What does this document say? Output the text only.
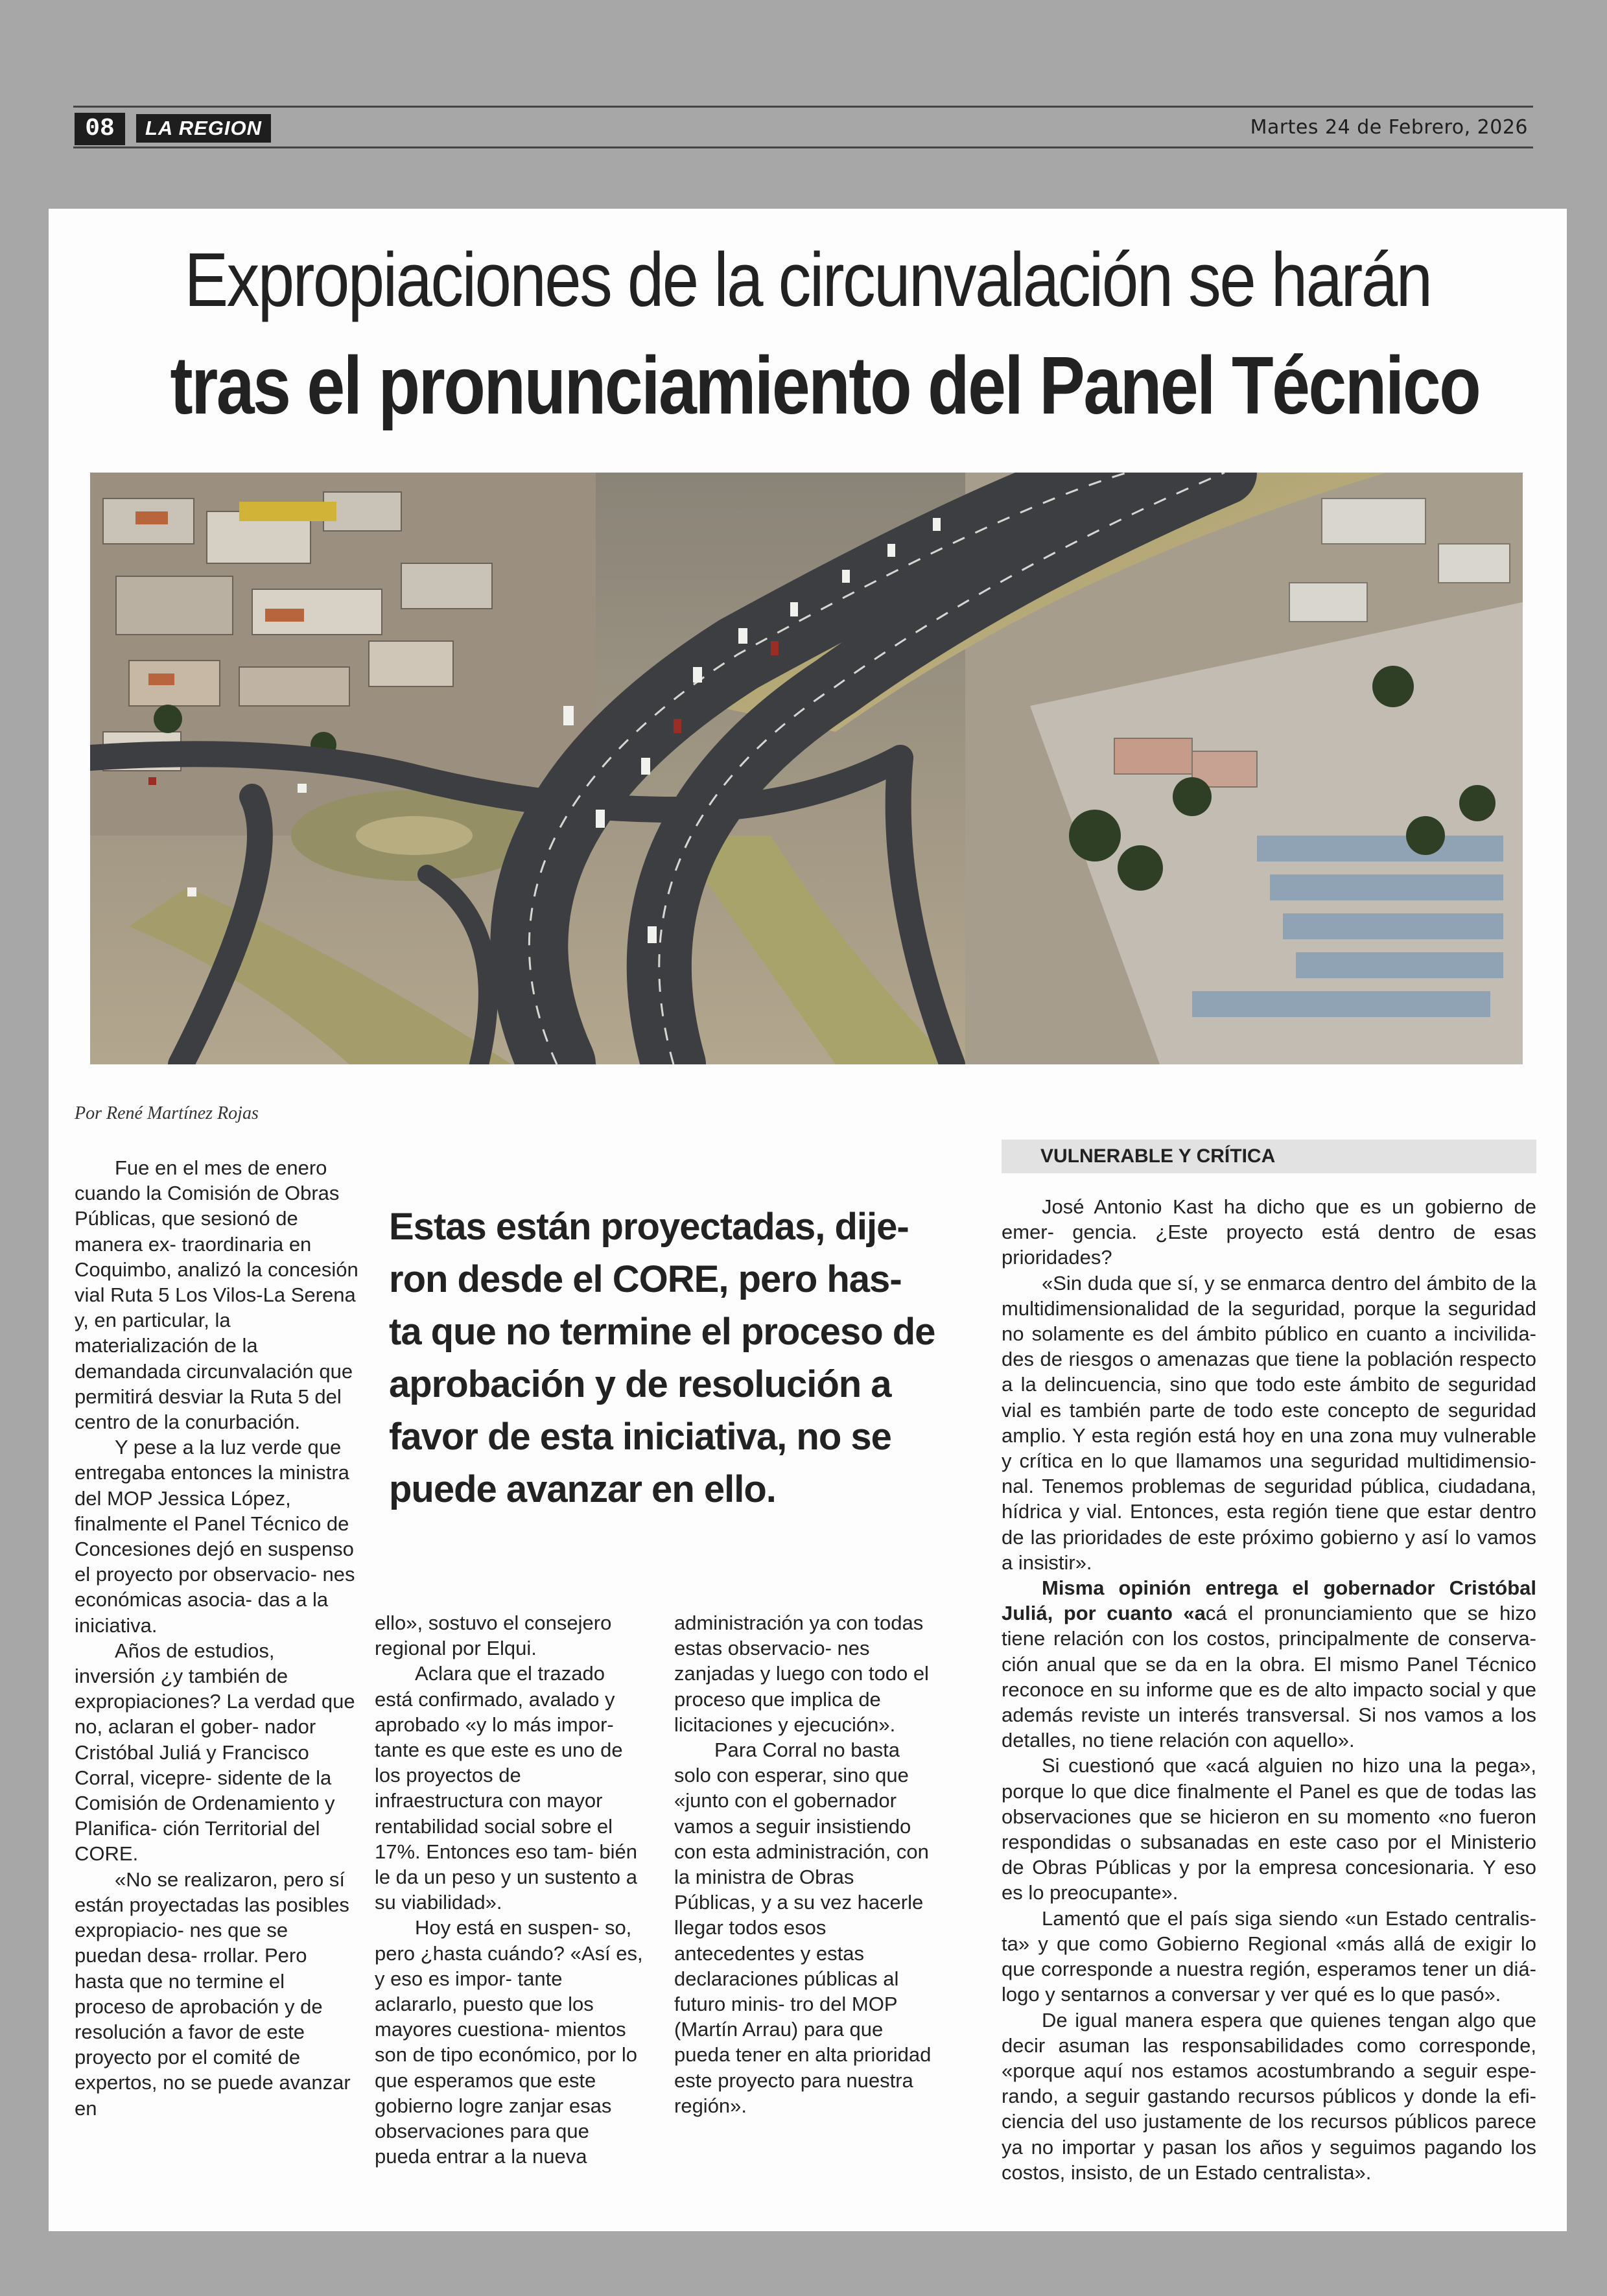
08	LA REGION	Martes 24 de Febrero, 2026
Expropiaciones de la circunvalación se harán
tras el pronunciamiento del Panel Técnico
Por René Martínez Rojas

Fue en el mes de enero cuando la Comisión de Obras Públicas, que sesionó de manera ex- traordinaria en Coquimbo, analizó la concesión vial Ruta 5 Los Vilos-La Serena y, en particular, la materialización de la demandada circunvalación que permitirá desviar la Ruta 5 del centro de la conurbación.

Y pese a la luz verde que entregaba entonces la ministra del MOP Jessica López, finalmente el Panel Técnico de Concesiones dejó en suspenso el proyecto por observacio- nes económicas asocia- das a la iniciativa.

Años de estudios, inversión ¿y también de expropiaciones? La verdad que no, aclaran el gober- nador Cristóbal Juliá y Francisco Corral, vicepre- sidente de la Comisión de Ordenamiento y Planifica- ción Territorial del CORE.

«No se realizaron, pero sí están proyectadas las posibles expropiacio- nes que se puedan desa- rrollar. Pero hasta que no termine el proceso de aprobación y de resolución a favor de este proyecto por el comité de expertos, no se puede avanzar en

Estas están proyectadas, dije- ron desde el CORE, pero has- ta que no termine el proceso de aprobación y de resolución a favor de esta iniciativa, no se puede avanzar en ello.

ello», sostuvo el consejero regional por Elqui.

Aclara que el trazado está confirmado, avalado y aprobado «y lo más impor- tante es que este es uno de los proyectos de infraestructura con mayor rentabilidad social sobre el 17%. Entonces eso tam- bién le da un peso y un sustento a su viabilidad».

Hoy está en suspen- so, pero ¿hasta cuándo? «Así es, y eso es impor- tante aclararlo, puesto que los mayores cuestiona- mientos son de tipo económico, por lo que esperamos que este gobierno logre zanjar esas observaciones para que pueda entrar a la nueva

administración ya con todas estas observacio- nes zanjadas y luego con todo el proceso que implica de licitaciones y ejecución».

Para Corral no basta solo con esperar, sino que «junto con el gobernador vamos a seguir insistiendo con esta administración, con la ministra de Obras Públicas, y a su vez hacerle llegar todos esos antecedentes y estas declaraciones públicas al futuro minis- tro del MOP (Martín Arrau) para que pueda tener en alta prioridad este proyecto para nuestra región».

VULNERABLE Y CRÍTICA

José Antonio Kast ha dicho que es un gobierno de emer- gencia. ¿Este proyecto está dentro de esas prioridades?

«Sin duda que sí, y se enmarca dentro del ámbito de la multidimensionalidad de la seguridad, porque la seguridad no solamente es del ámbito público en cuanto a incivilida- des de riesgos o amenazas que tiene la población respecto a la delincuencia, sino que todo este ámbito de seguridad vial es también parte de todo este concepto de seguridad amplio. Y esta región está hoy en una zona muy vulnerable y crítica en lo que llamamos una seguridad multidimensio- nal. Tenemos problemas de seguridad pública, ciudadana, hídrica y vial. Entonces, esta región tiene que estar dentro de las prioridades de este próximo gobierno y así lo vamos a insistir».

Misma opinión entrega el gobernador Cristóbal Juliá, por cuanto «acá el pronunciamiento que se hizo tiene relación con los costos, principalmente de conserva- ción anual que se da en la obra. El mismo Panel Técnico reconoce en su informe que es de alto impacto social y que además reviste un interés transversal. Si nos vamos a los detalles, no tiene relación con aquello».

Si cuestionó que «acá alguien no hizo una la pega», porque lo que dice finalmente el Panel es que de todas las observaciones que se hicieron en su momento «no fueron respondidas o subsanadas en este caso por el Ministerio de Obras Públicas y por la empresa concesionaria. Y eso es lo preocupante».

Lamentó que el país siga siendo «un Estado centralis- ta» y que como Gobierno Regional «más allá de exigir lo que corresponde a nuestra región, esperamos tener un diá- logo y sentarnos a conversar y ver qué es lo que pasó».

De igual manera espera que quienes tengan algo que decir asuman las responsabilidades como corresponde, «porque aquí nos estamos acostumbrando a seguir espe- rando, a seguir gastando recursos públicos y donde la efi- ciencia del uso justamente de los recursos públicos parece ya no importar y pasan los años y seguimos pagando los costos, insisto, de un Estado centralista».
